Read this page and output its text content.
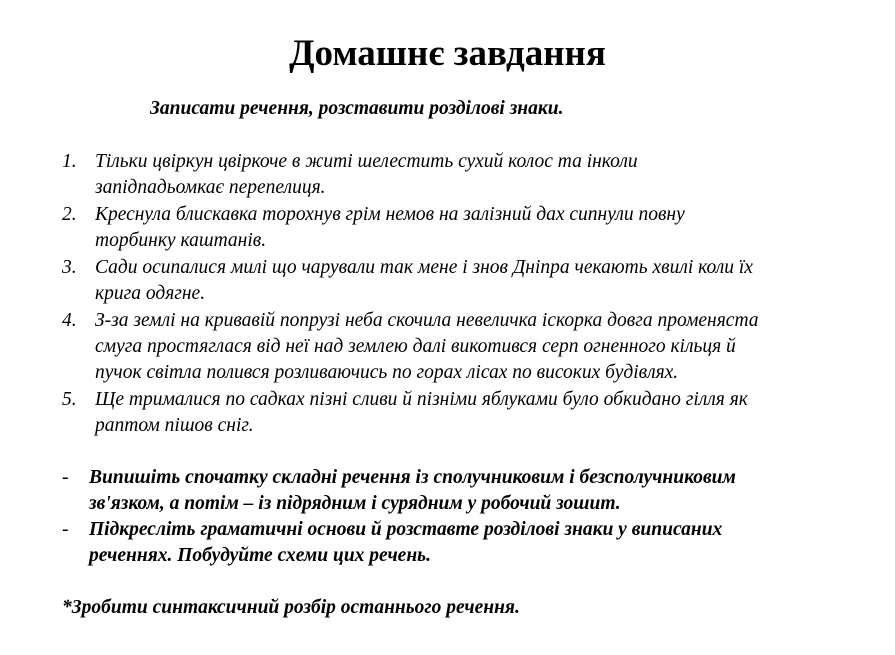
Домашнє завдання
Записати речення, розставити розділові знаки.
1. Тільки цвіркун цвіркоче в житі шелестить сухий колос та інколи
запідпадьомкає перепелиця.
2. Креснула блискавка торохнув грім немов на залізний дах сипнули повну
торбинку каштанів.
3. Сади осипалися милі що чарували так мене і знов Дніпра чекають хвилі коли їх
крига одягне.
4. З-за землі на кривавій попрузі неба скочила невеличка іскорка довга променяста
смуга простяглася від неї над землею далі викотився серп огненного кільця й
пучок світла полився розливаючись по горах лісах по високих будівлях.
5. Ще трималися по садках пізні сливи й пізніми яблуками було обкидано гілля як
раптом пішов сніг.
- Випишіть спочатку складні речення із сполучниковим і безсполучниковим
зв'язком, а потім – із підрядним і сурядним у робочий зошит.
- Підкресліть граматичні основи й розставте розділові знаки у виписаних
реченнях. Побудуйте схеми цих речень.
*Зробити синтаксичний розбір останнього речення.
